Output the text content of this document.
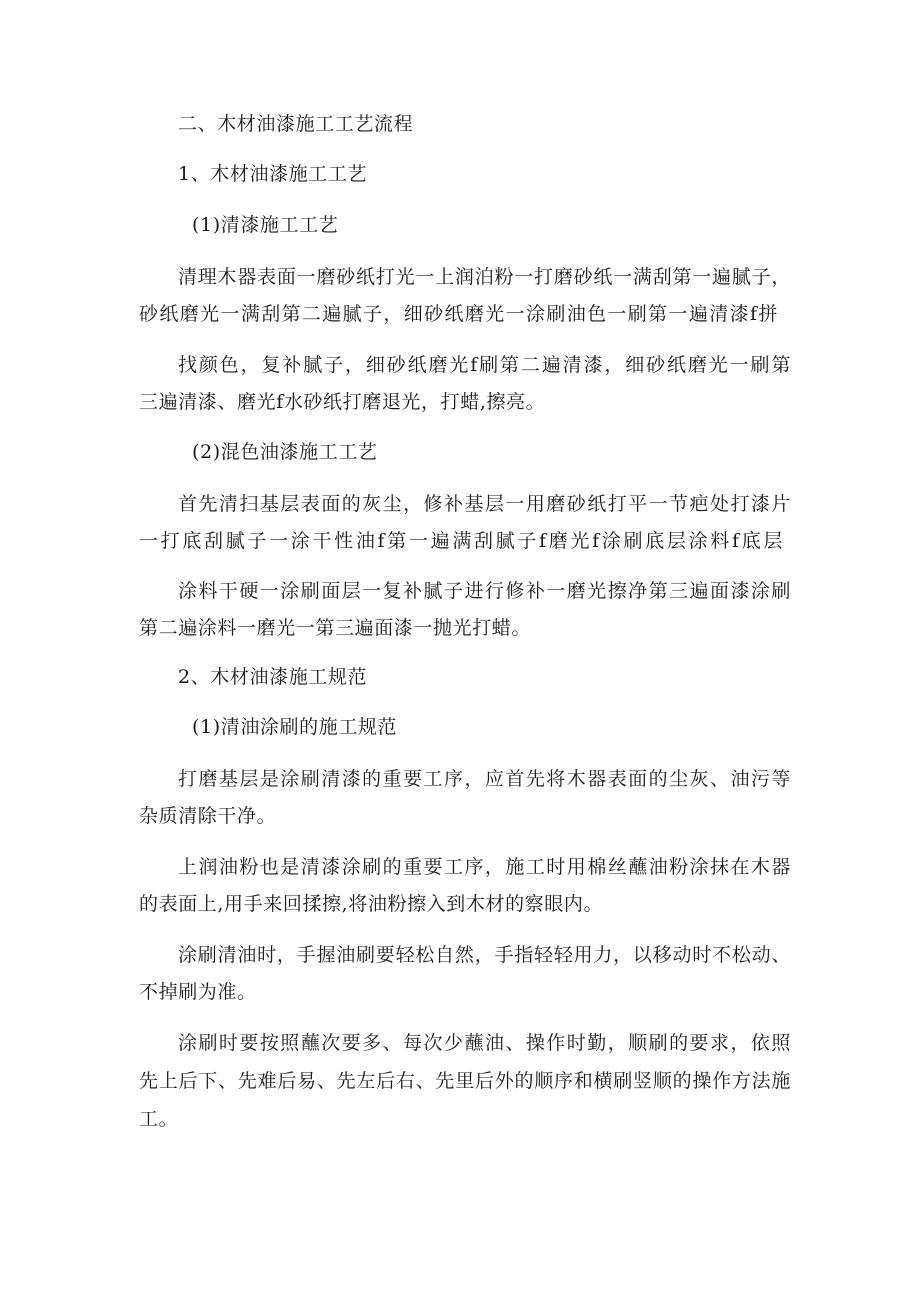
二、木材油漆施工工艺流程
1、木材油漆施工工艺
(1)清漆施工工艺
清理木器表面一磨砂纸打光一上润泊粉一打磨砂纸一满刮第一遍腻子，
砂纸磨光一满刮第二遍腻子，细砂纸磨光一涂刷油色一刷第一遍清漆f拼
找颜色，复补腻子，细砂纸磨光f刷第二遍清漆，细砂纸磨光一刷第
三遍清漆、磨光f水砂纸打磨退光，打蜡,擦亮。
(2)混色油漆施工工艺
首先清扫基层表面的灰尘，修补基层一用磨砂纸打平一节疤处打漆片
一打底刮腻子一涂干性油f第一遍满刮腻子f磨光f涂刷底层涂料f底层
涂料干硬一涂刷面层一复补腻子进行修补一磨光擦净第三遍面漆涂刷
第二遍涂料一磨光一第三遍面漆一抛光打蜡。
2、木材油漆施工规范
(1)清油涂刷的施工规范
打磨基层是涂刷清漆的重要工序，应首先将木器表面的尘灰、油污等
杂质清除干净。
上润油粉也是清漆涂刷的重要工序，施工时用棉丝蘸油粉涂抹在木器
的表面上,用手来回揉擦,将油粉擦入到木材的察眼内。
涂刷清油时，手握油刷要轻松自然，手指轻轻用力，以移动时不松动、
不掉刷为准。
涂刷时要按照蘸次要多、每次少蘸油、操作时勤，顺刷的要求，依照
先上后下、先难后易、先左后右、先里后外的顺序和横刷竖顺的操作方法施
工。
